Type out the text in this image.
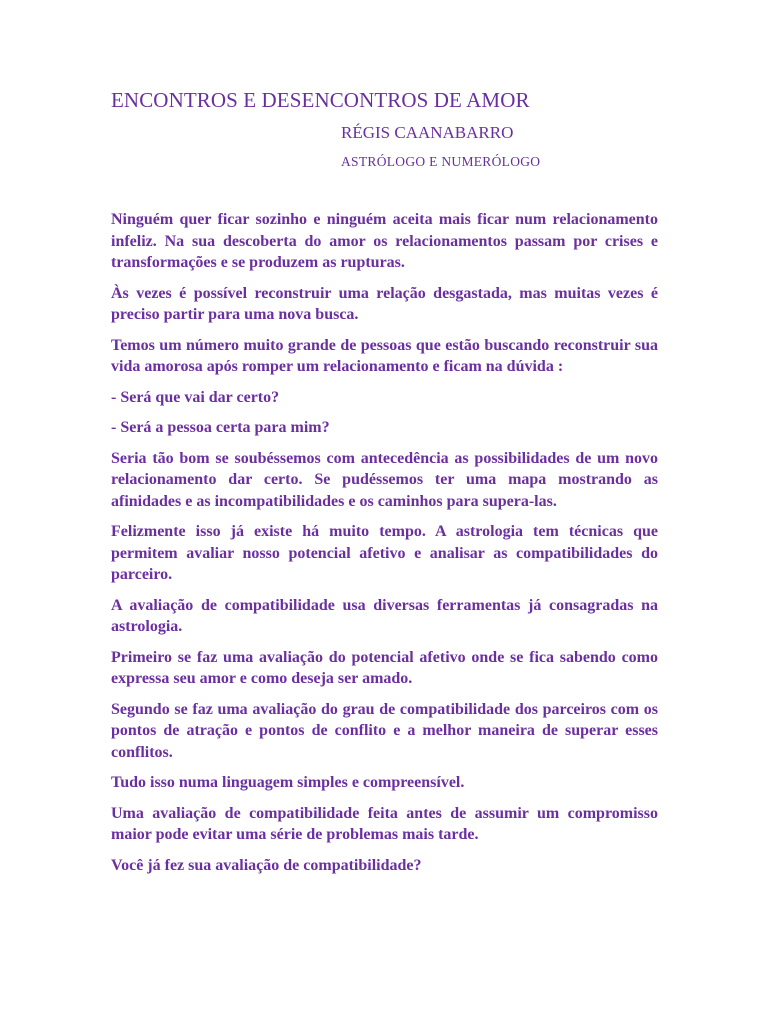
ENCONTROS E DESENCONTROS DE AMOR

RÉGIS CAANABARRO

ASTRÓLOGO E NUMERÓLOGO

Ninguém quer ficar sozinho e ninguém aceita mais ficar num relacionamento infeliz. Na sua descoberta do amor os relacionamentos passam por crises e transformações e se produzem as rupturas.

Às vezes é possível reconstruir uma relação desgastada, mas muitas vezes é preciso partir para uma nova busca.

Temos um número muito grande de pessoas que estão buscando reconstruir sua vida amorosa após romper um relacionamento e ficam na dúvida :

- Será que vai dar certo?

- Será a pessoa certa para mim?

Seria tão bom se soubéssemos com antecedência as possibilidades de um novo relacionamento dar certo. Se pudéssemos ter uma mapa mostrando as afinidades e as incompatibilidades e os caminhos para supera-las.

Felizmente isso já existe há muito tempo. A astrologia tem técnicas que permitem avaliar nosso potencial afetivo e analisar as compatibilidades do parceiro.

A avaliação de compatibilidade usa diversas ferramentas já consagradas na astrologia.

Primeiro se faz uma avaliação do potencial afetivo onde se fica sabendo como expressa seu amor e como deseja ser amado.

Segundo se faz uma avaliação do grau de compatibilidade dos parceiros com os pontos de atração e pontos de conflito e a melhor maneira de superar esses conflitos.

Tudo isso numa linguagem simples e compreensível.

Uma avaliação de compatibilidade feita antes de assumir um compromisso maior pode evitar uma série de problemas mais tarde.

Você já fez sua avaliação de compatibilidade?
